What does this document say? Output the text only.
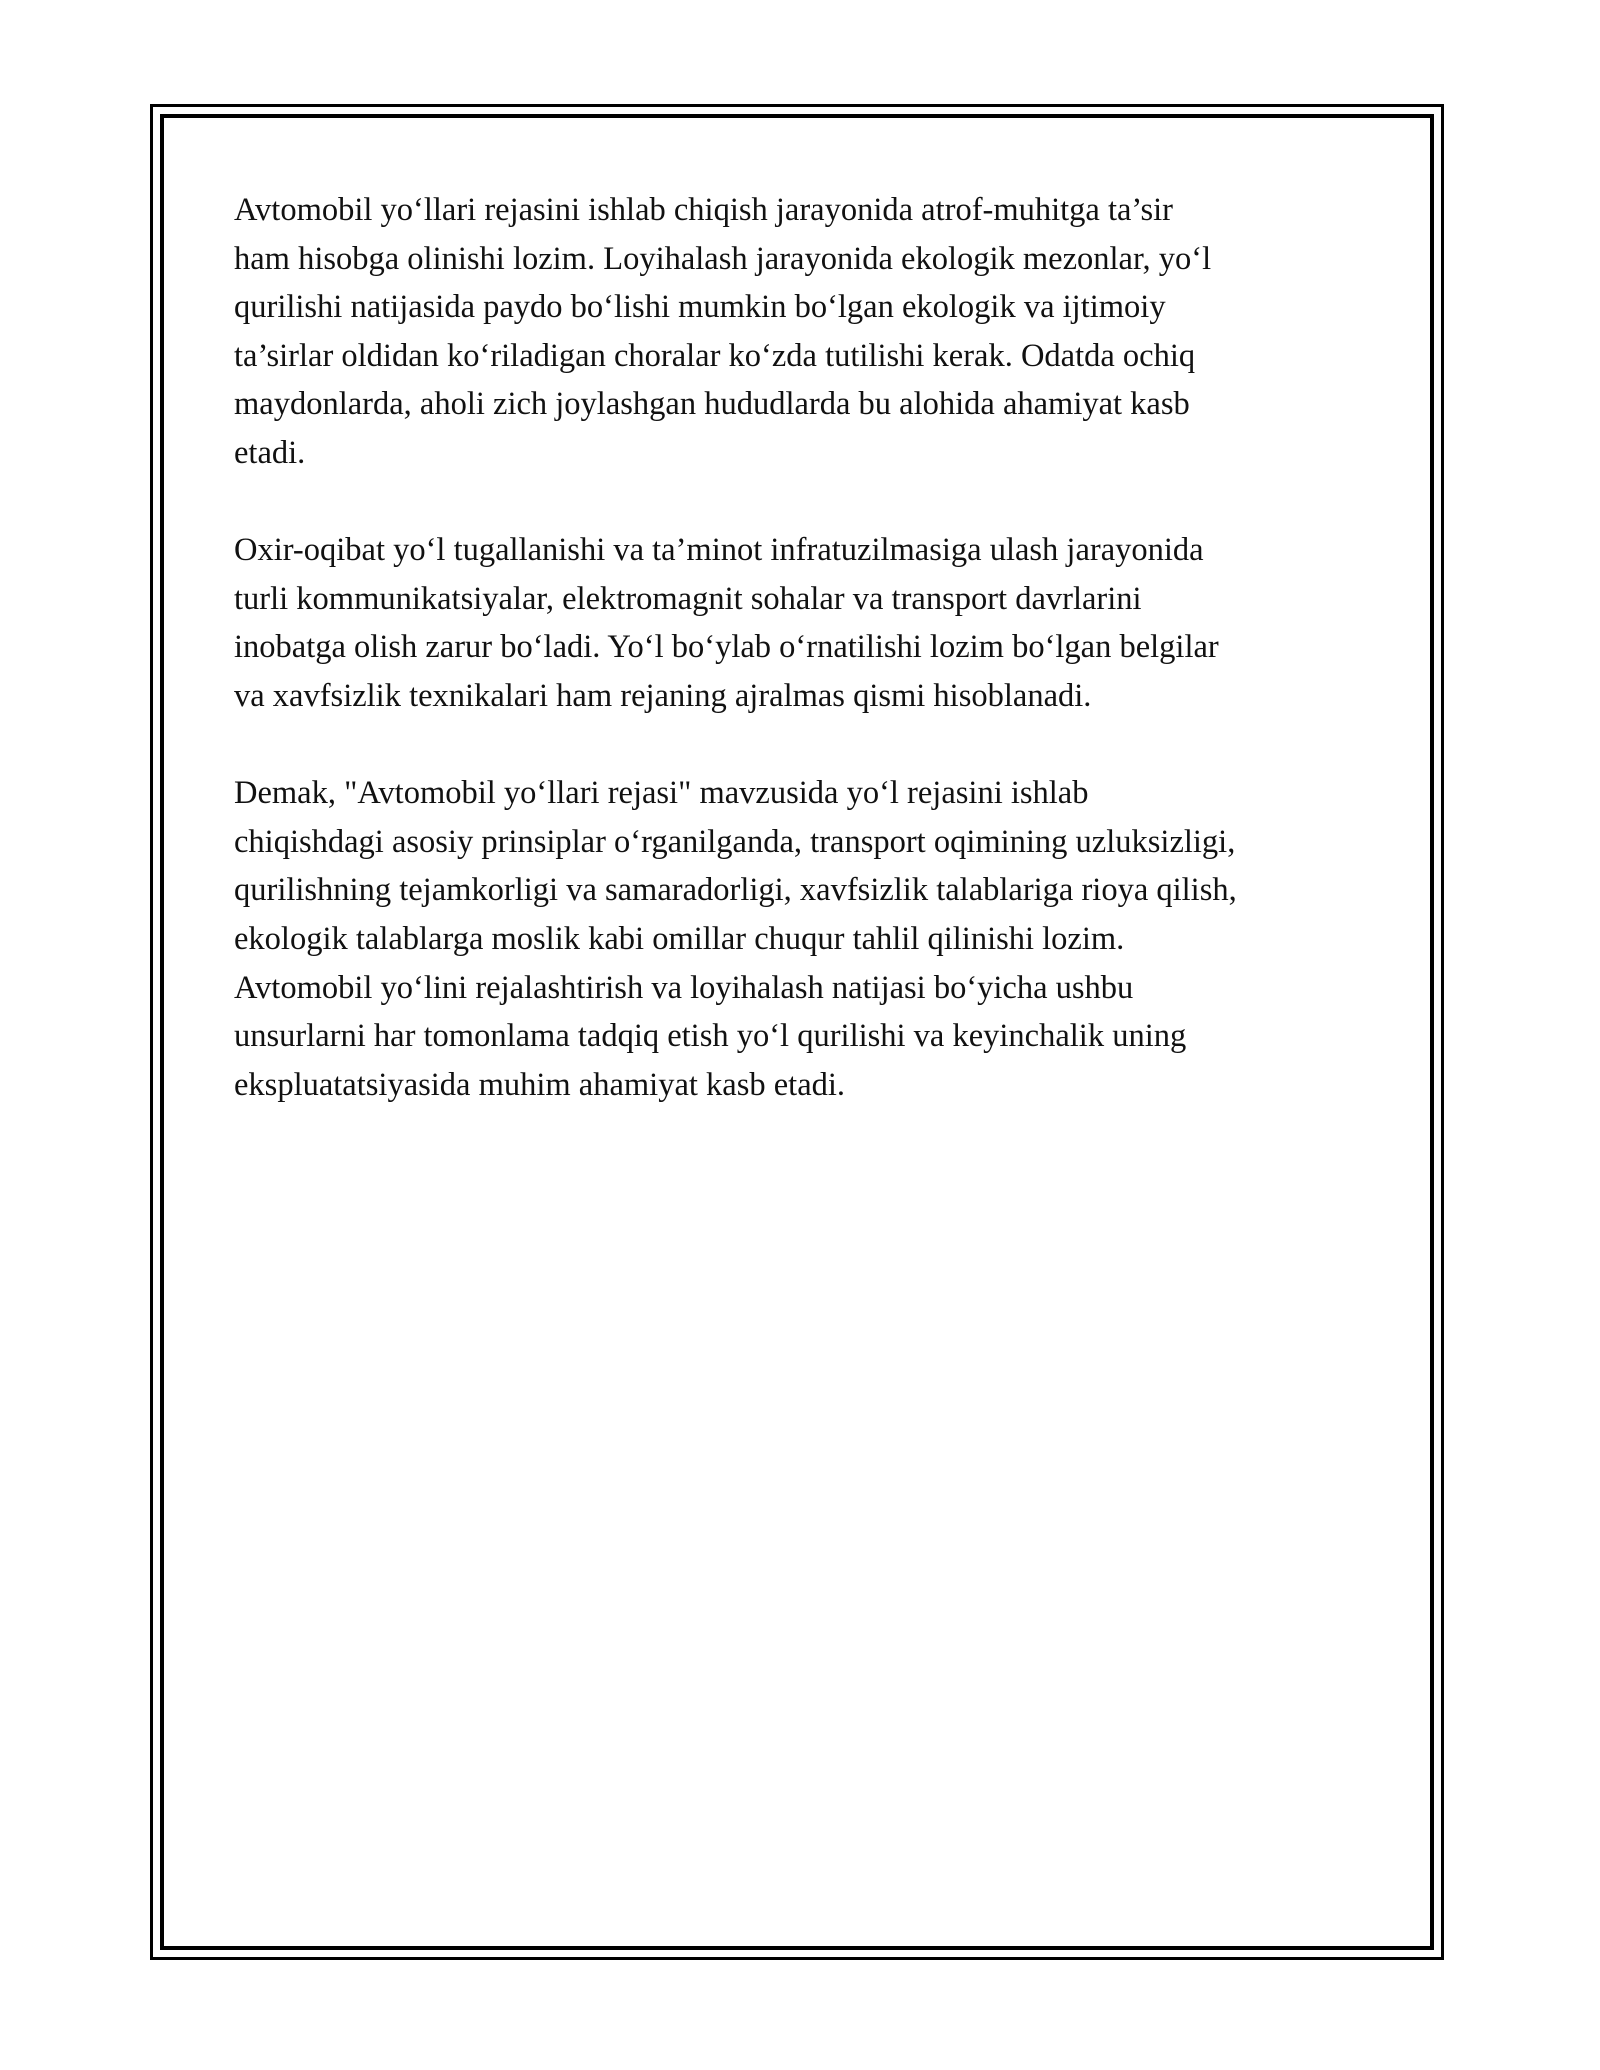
Avtomobil yo‘llari rejasini ishlab chiqish jarayonida atrof-muhitga ta’sir
ham hisobga olinishi lozim. Loyihalash jarayonida ekologik mezonlar, yo‘l
qurilishi natijasida paydo bo‘lishi mumkin bo‘lgan ekologik va ijtimoiy
ta’sirlar oldidan ko‘riladigan choralar ko‘zda tutilishi kerak. Odatda ochiq
maydonlarda, aholi zich joylashgan hududlarda bu alohida ahamiyat kasb
etadi.

Oxir-oqibat yo‘l tugallanishi va ta’minot infratuzilmasiga ulash jarayonida
turli kommunikatsiyalar, elektromagnit sohalar va transport davrlarini
inobatga olish zarur bo‘ladi. Yo‘l bo‘ylab o‘rnatilishi lozim bo‘lgan belgilar
va xavfsizlik texnikalari ham rejaning ajralmas qismi hisoblanadi.

Demak, "Avtomobil yo‘llari rejasi" mavzusida yo‘l rejasini ishlab
chiqishdagi asosiy prinsiplar o‘rganilganda, transport oqimining uzluksizligi,
qurilishning tejamkorligi va samaradorligi, xavfsizlik talablariga rioya qilish,
ekologik talablarga moslik kabi omillar chuqur tahlil qilinishi lozim.
Avtomobil yo‘lini rejalashtirish va loyihalash natijasi bo‘yicha ushbu
unsurlarni har tomonlama tadqiq etish yo‘l qurilishi va keyinchalik uning
ekspluatatsiyasida muhim ahamiyat kasb etadi.
